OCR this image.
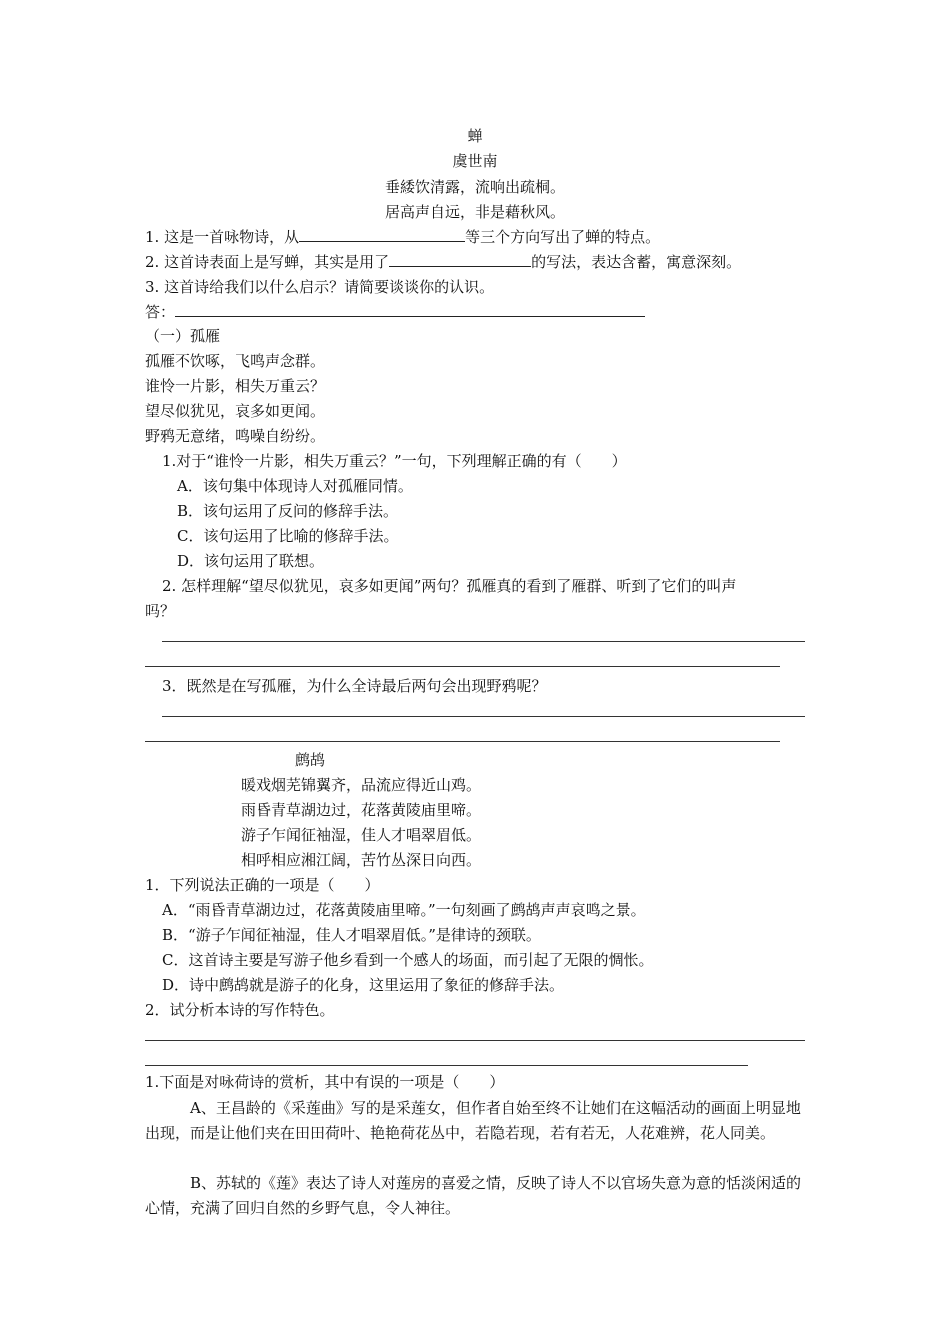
蝉
虞世南
垂緌饮清露，流响出疏桐。
居高声自远，非是藉秋风。
1. 这是一首咏物诗，从	等三个方向写出了蝉的特点。
2. 这首诗表面上是写蝉，其实是用了	的写法，表达含蓄，寓意深刻。
3. 这首诗给我们以什么启示？请简要谈谈你的认识。
答：
（一）孤雁
孤雁不饮啄，飞鸣声念群。
谁怜一片影，相失万重云？
望尽似犹见，哀多如更闻。
野鸦无意绪，鸣噪自纷纷。
1.对于“谁怜一片影，相失万重云？”一句，下列理解正确的有（　　）
A．该句集中体现诗人对孤雁同情。
B．该句运用了反问的修辞手法。
C．该句运用了比喻的修辞手法。
D．该句运用了联想。
2. 怎样理解“望尽似犹见，哀多如更闻”两句？孤雁真的看到了雁群、听到了它们的叫声
吗？
3．既然是在写孤雁，为什么全诗最后两句会出现野鸦呢？
鹧鸪
暖戏烟芜锦翼齐，品流应得近山鸡。
雨昏青草湖边过，花落黄陵庙里啼。
游子乍闻征袖湿，佳人才唱翠眉低。
相呼相应湘江阔，苦竹丛深日向西。
1．下列说法正确的一项是（　　）
A．“雨昏青草湖边过，花落黄陵庙里啼。”一句刻画了鹧鸪声声哀鸣之景。
B．“游子乍闻征袖湿，佳人才唱翠眉低。”是律诗的颈联。
C．这首诗主要是写游子他乡看到一个感人的场面，而引起了无限的惆怅。
D．诗中鹧鸪就是游子的化身，这里运用了象征的修辞手法。
2．试分析本诗的写作特色。
1.下面是对咏荷诗的赏析，其中有误的一项是（　　）
A、王昌龄的《采莲曲》写的是采莲女，但作者自始至终不让她们在这幅活动的画面上明显地出现，而是让他们夹在田田荷叶、艳艳荷花丛中，若隐若现，若有若无，人花难辨，花人同美。
B、苏轼的《莲》表达了诗人对莲房的喜爱之情，反映了诗人不以官场失意为意的恬淡闲适的心情，充满了回归自然的乡野气息，令人神往。
